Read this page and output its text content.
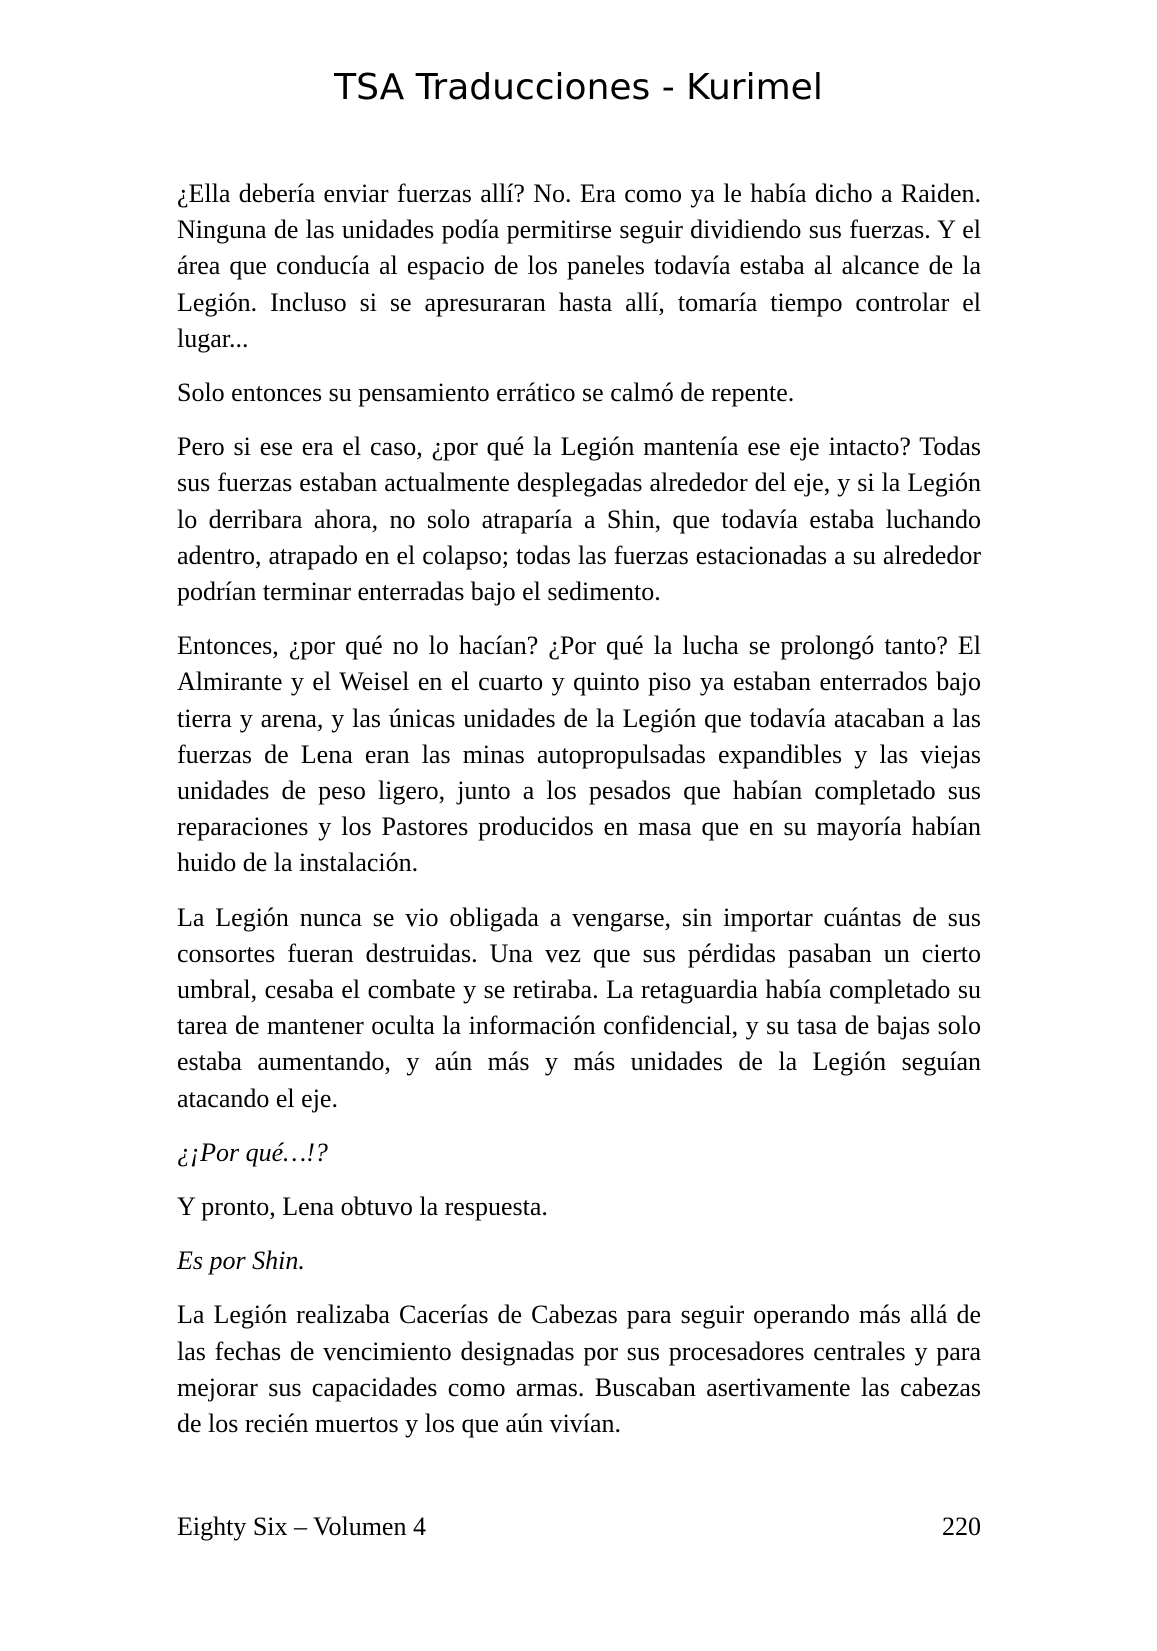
TSA Traducciones - Kurimel

¿Ella debería enviar fuerzas allí? No. Era como ya le había dicho a Raiden. Ninguna de las unidades podía permitirse seguir dividiendo sus fuerzas. Y el área que conducía al espacio de los paneles todavía estaba al alcance de la Legión. Incluso si se apresuraran hasta allí, tomaría tiempo controlar el lugar...

Solo entonces su pensamiento errático se calmó de repente.

Pero si ese era el caso, ¿por qué la Legión mantenía ese eje intacto? Todas sus fuerzas estaban actualmente desplegadas alrededor del eje, y si la Legión lo derribara ahora, no solo atraparía a Shin, que todavía estaba luchando adentro, atrapado en el colapso; todas las fuerzas estacionadas a su alrededor podrían terminar enterradas bajo el sedimento.

Entonces, ¿por qué no lo hacían? ¿Por qué la lucha se prolongó tanto? El Almirante y el Weisel en el cuarto y quinto piso ya estaban enterrados bajo tierra y arena, y las únicas unidades de la Legión que todavía atacaban a las fuerzas de Lena eran las minas autopropulsadas expandibles y las viejas unidades de peso ligero, junto a los pesados que habían completado sus reparaciones y los Pastores producidos en masa que en su mayoría habían huido de la instalación.

La Legión nunca se vio obligada a vengarse, sin importar cuántas de sus consortes fueran destruidas. Una vez que sus pérdidas pasaban un cierto umbral, cesaba el combate y se retiraba. La retaguardia había completado su tarea de mantener oculta la información confidencial, y su tasa de bajas solo estaba aumentando, y aún más y más unidades de la Legión seguían atacando el eje.

¿¡Por qué…!?

Y pronto, Lena obtuvo la respuesta.

Es por Shin.

La Legión realizaba Cacerías de Cabezas para seguir operando más allá de las fechas de vencimiento designadas por sus procesadores centrales y para mejorar sus capacidades como armas. Buscaban asertivamente las cabezas de los recién muertos y los que aún vivían.

Eighty Six – Volumen 4	220
